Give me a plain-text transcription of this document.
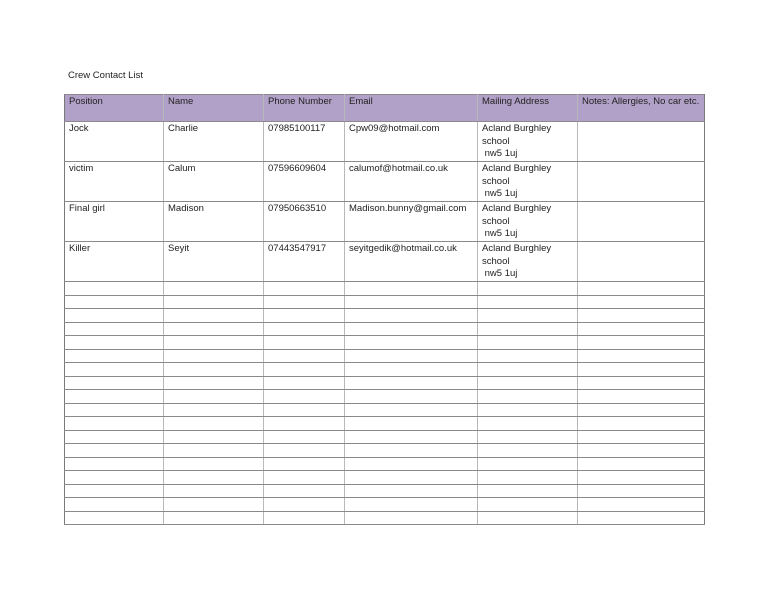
Crew Contact List
Position	Name	Phone Number	Email	Mailing Address	Notes: Allergies, No car etc.
Jock	Charlie	07985100117	Cpw09@hotmail.com	Acland Burghley
school
nw5 1uj	

victim	Calum	07596609604	calumof@hotmail.co.uk	Acland Burghley
school
nw5 1uj	

Final girl	Madison	07950663510	Madison.bunny@gmail.com	Acland Burghley
school
nw5 1uj	

Killer	Seyit	07443547917	seyitgedik@hotmail.co.uk	Acland Burghley
school
nw5 1uj	
